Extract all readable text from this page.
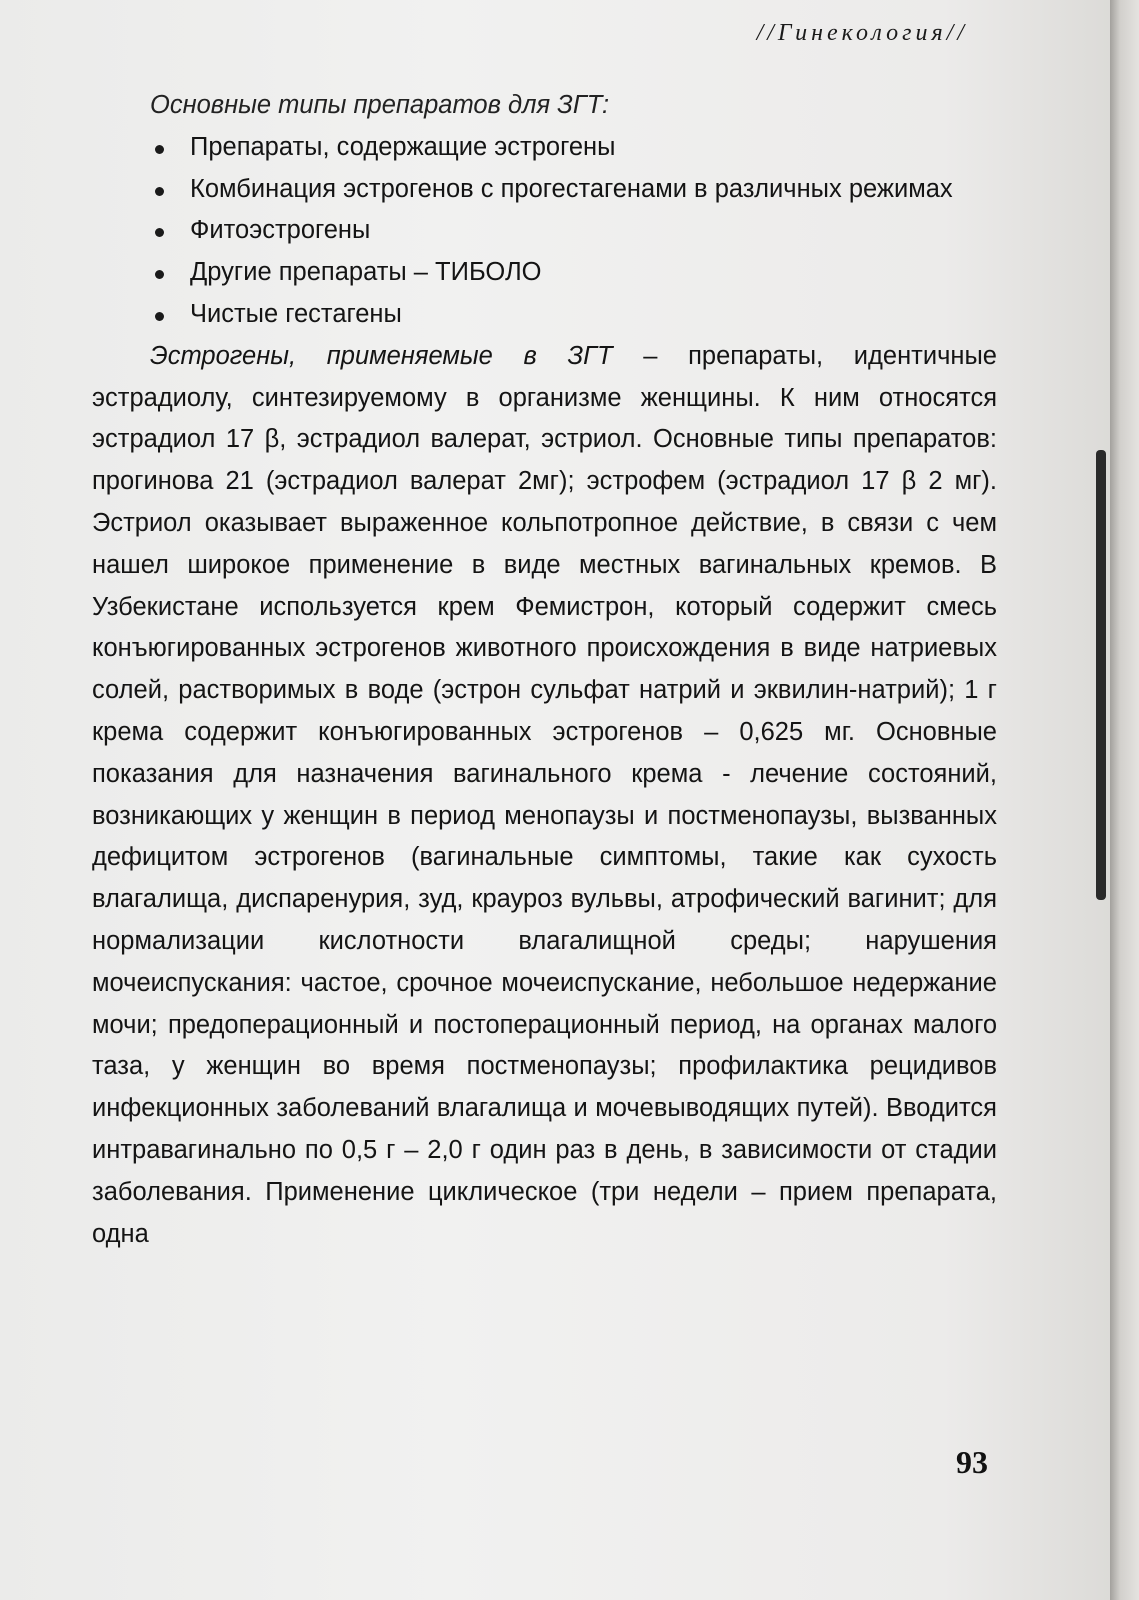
//Гинекология//
Основные типы препаратов для ЗГТ:
Препараты, содержащие эстрогены
Комбинация эстрогенов с прогестагенами в различных режимах
Фитоэстрогены
Другие препараты – ТИБОЛО
Чистые гестагены

Эстрогены, применяемые в ЗГТ – препараты, идентичные эстрадиолу, синтезируемому в организме женщины. К ним относятся эстрадиол 17 β, эстрадиол валерат, эстриол. Основные типы препаратов: прогинова 21 (эстрадиол валерат 2мг); эстрофем (эстрадиол 17 β 2 мг). Эстриол оказывает выраженное кольпотропное действие, в связи с чем нашел широкое применение в виде местных вагинальных кремов. В Узбекистане используется крем Фемистрон, который содержит смесь конъюгированных эстрогенов животного происхождения в виде натриевых солей, растворимых в воде (эстрон сульфат натрий и эквилин-натрий); 1 г крема содержит конъюгированных эстрогенов – 0,625 мг. Основные показания для назначения вагинального крема - лечение состояний, возникающих у женщин в период менопаузы и постменопаузы, вызванных дефицитом эстрогенов (вагинальные симптомы, такие как сухость влагалища, диспаренурия, зуд, крауроз вульвы, атрофический вагинит; для нормализации кислотности влагалищной среды; нарушения мочеиспускания: частое, срочное мочеиспускание, небольшое недержание мочи; предоперационный и постоперационный период, на органах малого таза, у женщин во время постменопаузы; профилактика рецидивов инфекционных заболеваний влагалища и мочевыводящих путей). Вводится интравагинально по 0,5 г – 2,0 г один раз в день, в зависимости от стадии заболевания. Применение циклическое (три недели – прием препарата, одна

93
